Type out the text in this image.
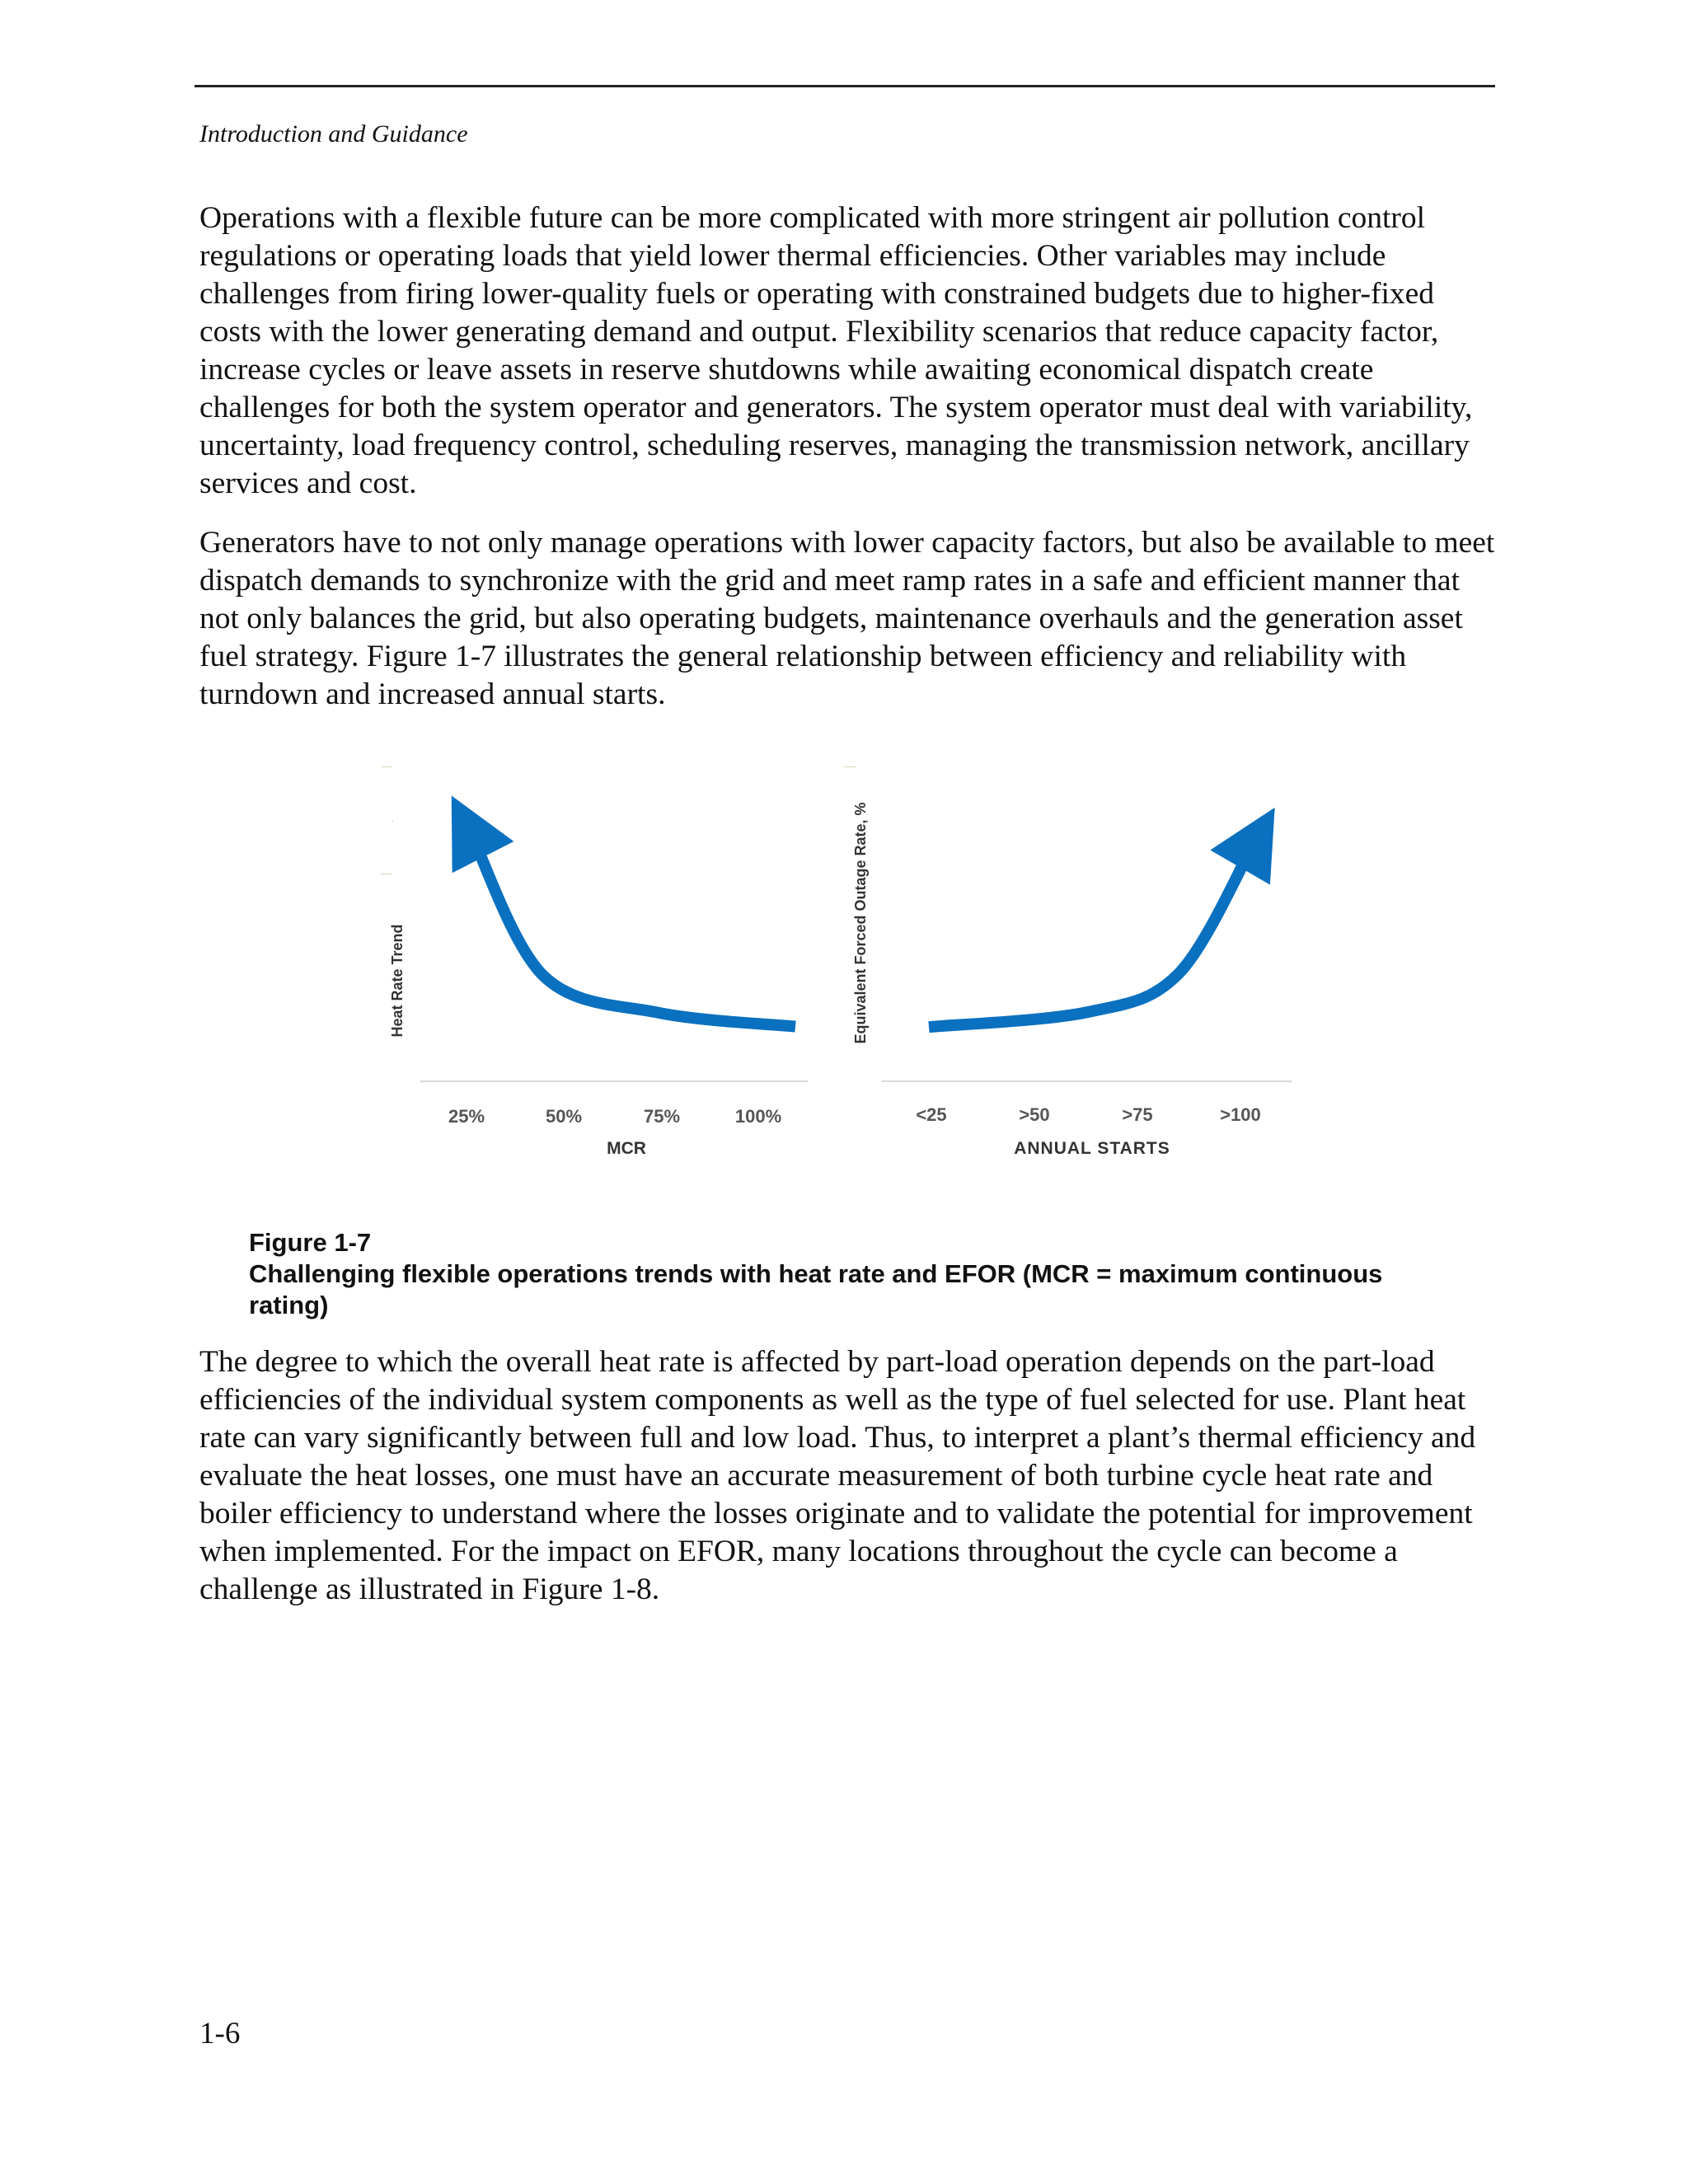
Introduction and Guidance

Operations with a flexible future can be more complicated with more stringent air pollution control regulations or operating loads that yield lower thermal efficiencies. Other variables may include challenges from firing lower-quality fuels or operating with constrained budgets due to higher-fixed costs with the lower generating demand and output. Flexibility scenarios that reduce capacity factor, increase cycles or leave assets in reserve shutdowns while awaiting economical dispatch create challenges for both the system operator and generators. The system operator must deal with variability, uncertainty, load frequency control, scheduling reserves, managing the transmission network, ancillary services and cost.

Generators have to not only manage operations with lower capacity factors, but also be available to meet dispatch demands to synchronize with the grid and meet ramp rates in a safe and efficient manner that not only balances the grid, but also operating budgets, maintenance overhauls and the generation asset fuel strategy. Figure 1-7 illustrates the general relationship between efficiency and reliability with turndown and increased annual starts.

—
·
—
—
Heat Rate Trend
25%	50%	75%	100%
MCR
Equivalent Forced Outage Rate, %
<25	>50	>75	>100
ANNUAL STARTS
Figure 1-7
Challenging flexible operations trends with heat rate and EFOR (MCR = maximum continuous rating)

The degree to which the overall heat rate is affected by part-load operation depends on the part-load efficiencies of the individual system components as well as the type of fuel selected for use. Plant heat rate can vary significantly between full and low load. Thus, to interpret a plant’s thermal efficiency and evaluate the heat losses, one must have an accurate measurement of both turbine cycle heat rate and boiler efficiency to understand where the losses originate and to validate the potential for improvement when implemented. For the impact on EFOR, many locations throughout the cycle can become a challenge as illustrated in Figure 1-8.

1-6
